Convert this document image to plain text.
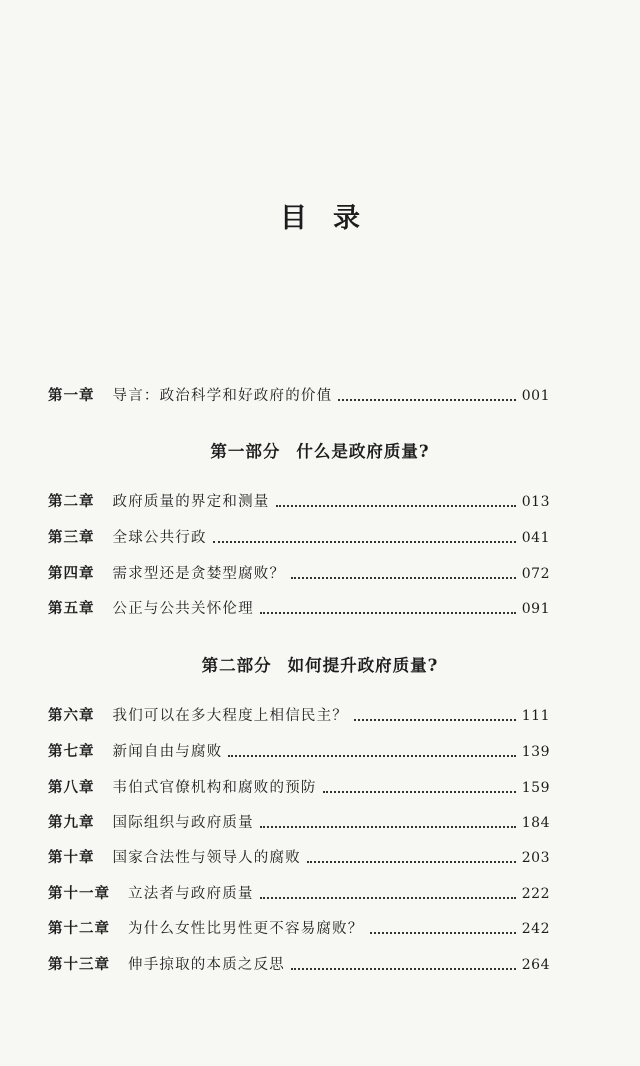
目录
第一章 导言：政治科学和好政府的价值	001
第一部分 什么是政府质量?
第二章 政府质量的界定和测量	013
第三章 全球公共行政	041
第四章 需求型还是贪婪型腐败？	072
第五章 公正与公共关怀伦理	091
第二部分 如何提升政府质量?
第六章 我们可以在多大程度上相信民主？	111
第七章 新闻自由与腐败	139
第八章 韦伯式官僚机构和腐败的预防	159
第九章 国际组织与政府质量	184
第十章 国家合法性与领导人的腐败	203
第十一章 立法者与政府质量	222
第十二章 为什么女性比男性更不容易腐败？	242
第十三章 伸手掠取的本质之反思	264
